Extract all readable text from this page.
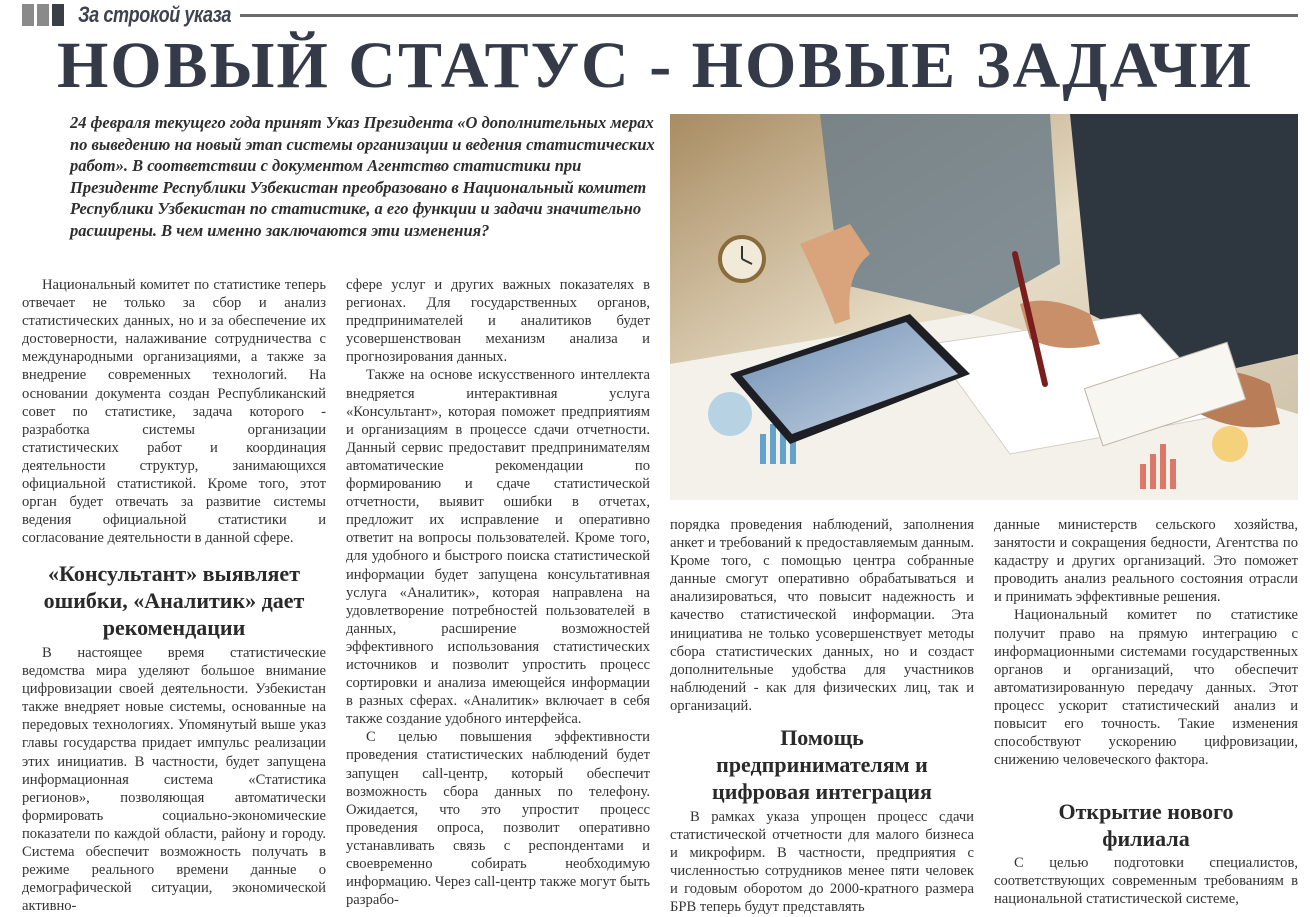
За строкой указа
НОВЫЙ СТАТУС - НОВЫЕ ЗАДАЧИ
24 февраля текущего года принят Указ Президента «О дополнительных мерах по выведению на новый этап системы организации и ведения статистических работ». В соответствии с документом Агентство статистики при Президенте Республики Узбекистан преобразовано в Национальный комитет Республики Узбекистан по статистике, а его функции и задачи значительно расширены. В чем именно заключаются эти изменения?

Национальный комитет по статистике теперь отвечает не только за сбор и анализ статистических данных, но и за обеспечение их достоверности, налаживание сотрудничества с международными организациями, а также за внедрение современных технологий. На основании документа создан Республиканский совет по статистике, задача которого - разработка системы организации статистических работ и координация деятельности структур, занимающихся официальной статистикой. Кроме того, этот орган будет отвечать за развитие системы ведения официальной статистики и согласование деятельности в данной сфере.

«Консультант» выявляет ошибки, «Аналитик» дает рекомендации

В настоящее время статистические ведомства мира уделяют большое внимание цифровизации своей деятельности. Узбекистан также внедряет новые системы, основанные на передовых технологиях. Упомянутый выше указ главы государства придает импульс реализации этих инициатив. В частности, будет запущена информационная система «Статистика регионов», позволяющая автоматически формировать социально-экономические показатели по каждой области, району и городу. Система обеспечит возможность получать в режиме реального времени данные о демографической ситуации, экономической активно-

сфере услуг и других важных показателях в регионах. Для государственных органов, предпринимателей и аналитиков будет усовершенствован механизм анализа и прогнозирования данных.

Также на основе искусственного интеллекта внедряется интерактивная услуга «Консультант», которая поможет предприятиям и организациям в процессе сдачи отчетности. Данный сервис предоставит предпринимателям автоматические рекомендации по формированию и сдаче статистической отчетности, выявит ошибки в отчетах, предложит их исправление и оперативно ответит на вопросы пользователей. Кроме того, для удобного и быстрого поиска статистической информации будет запущена консультативная услуга «Аналитик», которая направлена на удовлетворение потребностей пользователей в данных, расширение возможностей эффективного использования статистических источников и позволит упростить процесс сортировки и анализа имеющейся информации в разных сферах. «Аналитик» включает в себя также создание удобного интерфейса.

С целью повышения эффективности проведения статистических наблюдений будет запущен call-центр, который обеспечит возможность сбора данных по телефону. Ожидается, что это упростит процесс проведения опроса, позволит оперативно устанавливать связь с респондентами и своевременно собирать необходимую информацию. Через call-центр также могут быть разрабо-

порядка проведения наблюдений, заполнения анкет и требований к предоставляемым данным. Кроме того, с помощью центра собранные данные смогут оперативно обрабатываться и анализироваться, что повысит надежность и качество статистической информации. Эта инициатива не только усовершенствует методы сбора статистических данных, но и создаст дополнительные удобства для участников наблюдений - как для физических лиц, так и организаций.

Помощь предпринимателям и цифровая интеграция

В рамках указа упрощен процесс сдачи статистической отчетности для малого бизнеса и микрофирм. В частности, предприятия с численностью сотрудников менее пяти человек и годовым оборотом до 2000-кратного размера БРВ теперь будут представлять

данные министерств сельского хозяйства, занятости и сокращения бедности, Агентства по кадастру и других организаций. Это поможет проводить анализ реального состояния отрасли и принимать эффективные решения.

Национальный комитет по статистике получит право на прямую интеграцию с информационными системами государственных органов и организаций, что обеспечит автоматизированную передачу данных. Этот процесс ускорит статистический анализ и повысит его точность. Такие изменения способствуют ускорению цифровизации, снижению человеческого фактора.

Открытие нового филиала

С целью подготовки специалистов, соответствующих современным требованиям в национальной статистической системе,
